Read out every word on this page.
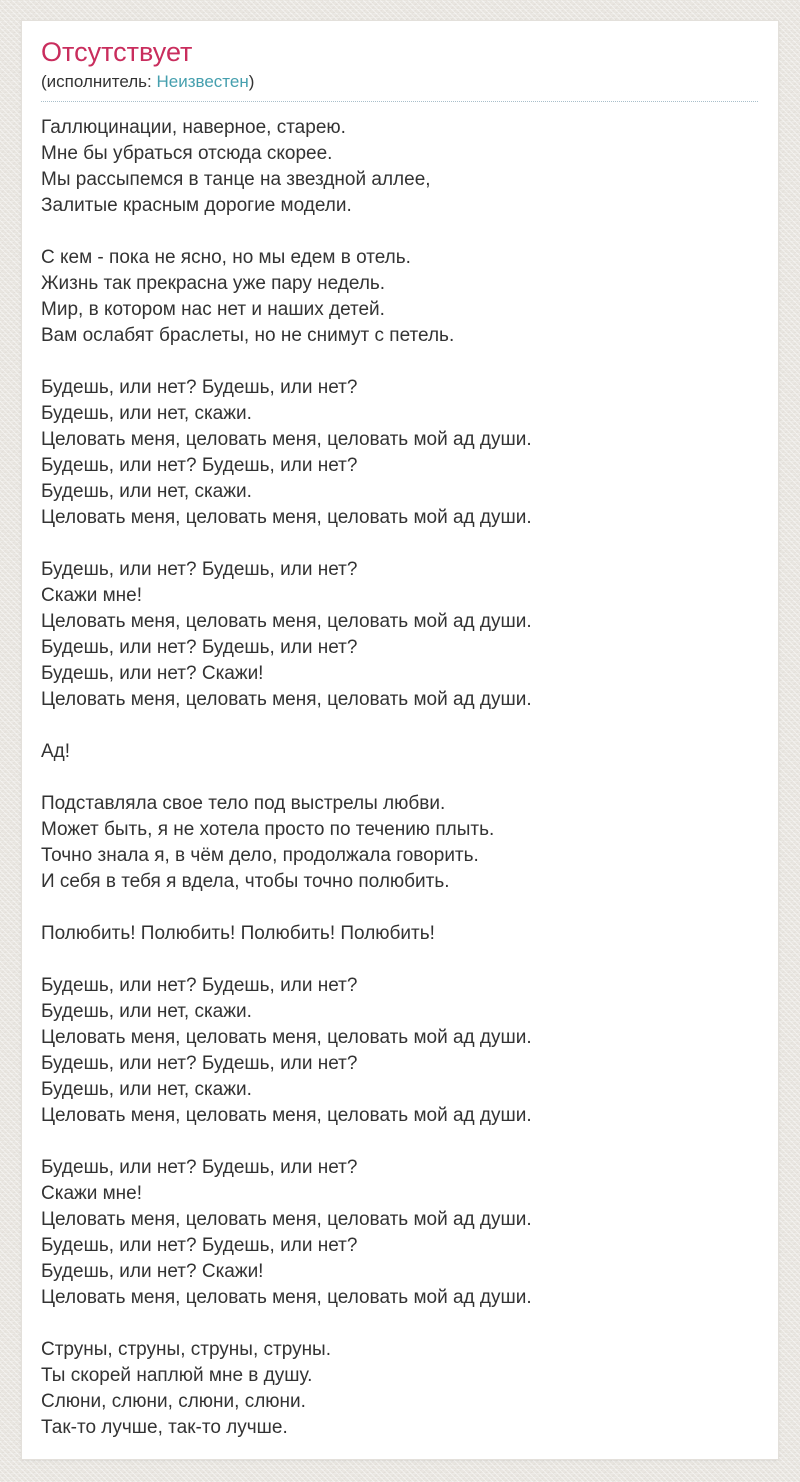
Отсутствует
(исполнитель: Неизвестен)
Галлюцинации, наверное, старею.
Мне бы убраться отсюда скорее.
Мы рассыпемся в танце на звездной аллее,
Залитые красным дорогие модели.
С кем - пока не ясно, но мы едем в отель.
Жизнь так прекрасна уже пару недель.
Мир, в котором нас нет и наших детей.
Вам ослабят браслеты, но не снимут с петель.
Будешь, или нет? Будешь, или нет?
Будешь, или нет, скажи.
Целовать меня, целовать меня, целовать мой ад души.
Будешь, или нет? Будешь, или нет?
Будешь, или нет, скажи.
Целовать меня, целовать меня, целовать мой ад души.
Будешь, или нет? Будешь, или нет?
Скажи мне!
Целовать меня, целовать меня, целовать мой ад души.
Будешь, или нет? Будешь, или нет?
Будешь, или нет? Скажи!
Целовать меня, целовать меня, целовать мой ад души.
Ад!
Подставляла свое тело под выстрелы любви.
Может быть, я не хотела просто по течению плыть.
Точно знала я, в чём дело, продолжала говорить.
И себя в тебя я вдела, чтобы точно полюбить.
Полюбить! Полюбить! Полюбить! Полюбить!
Будешь, или нет? Будешь, или нет?
Будешь, или нет, скажи.
Целовать меня, целовать меня, целовать мой ад души.
Будешь, или нет? Будешь, или нет?
Будешь, или нет, скажи.
Целовать меня, целовать меня, целовать мой ад души.
Будешь, или нет? Будешь, или нет?
Скажи мне!
Целовать меня, целовать меня, целовать мой ад души.
Будешь, или нет? Будешь, или нет?
Будешь, или нет? Скажи!
Целовать меня, целовать меня, целовать мой ад души.
Струны, струны, струны, струны.
Ты скорей наплюй мне в душу.
Слюни, слюни, слюни, слюни.
Так-то лучше, так-то лучше.
